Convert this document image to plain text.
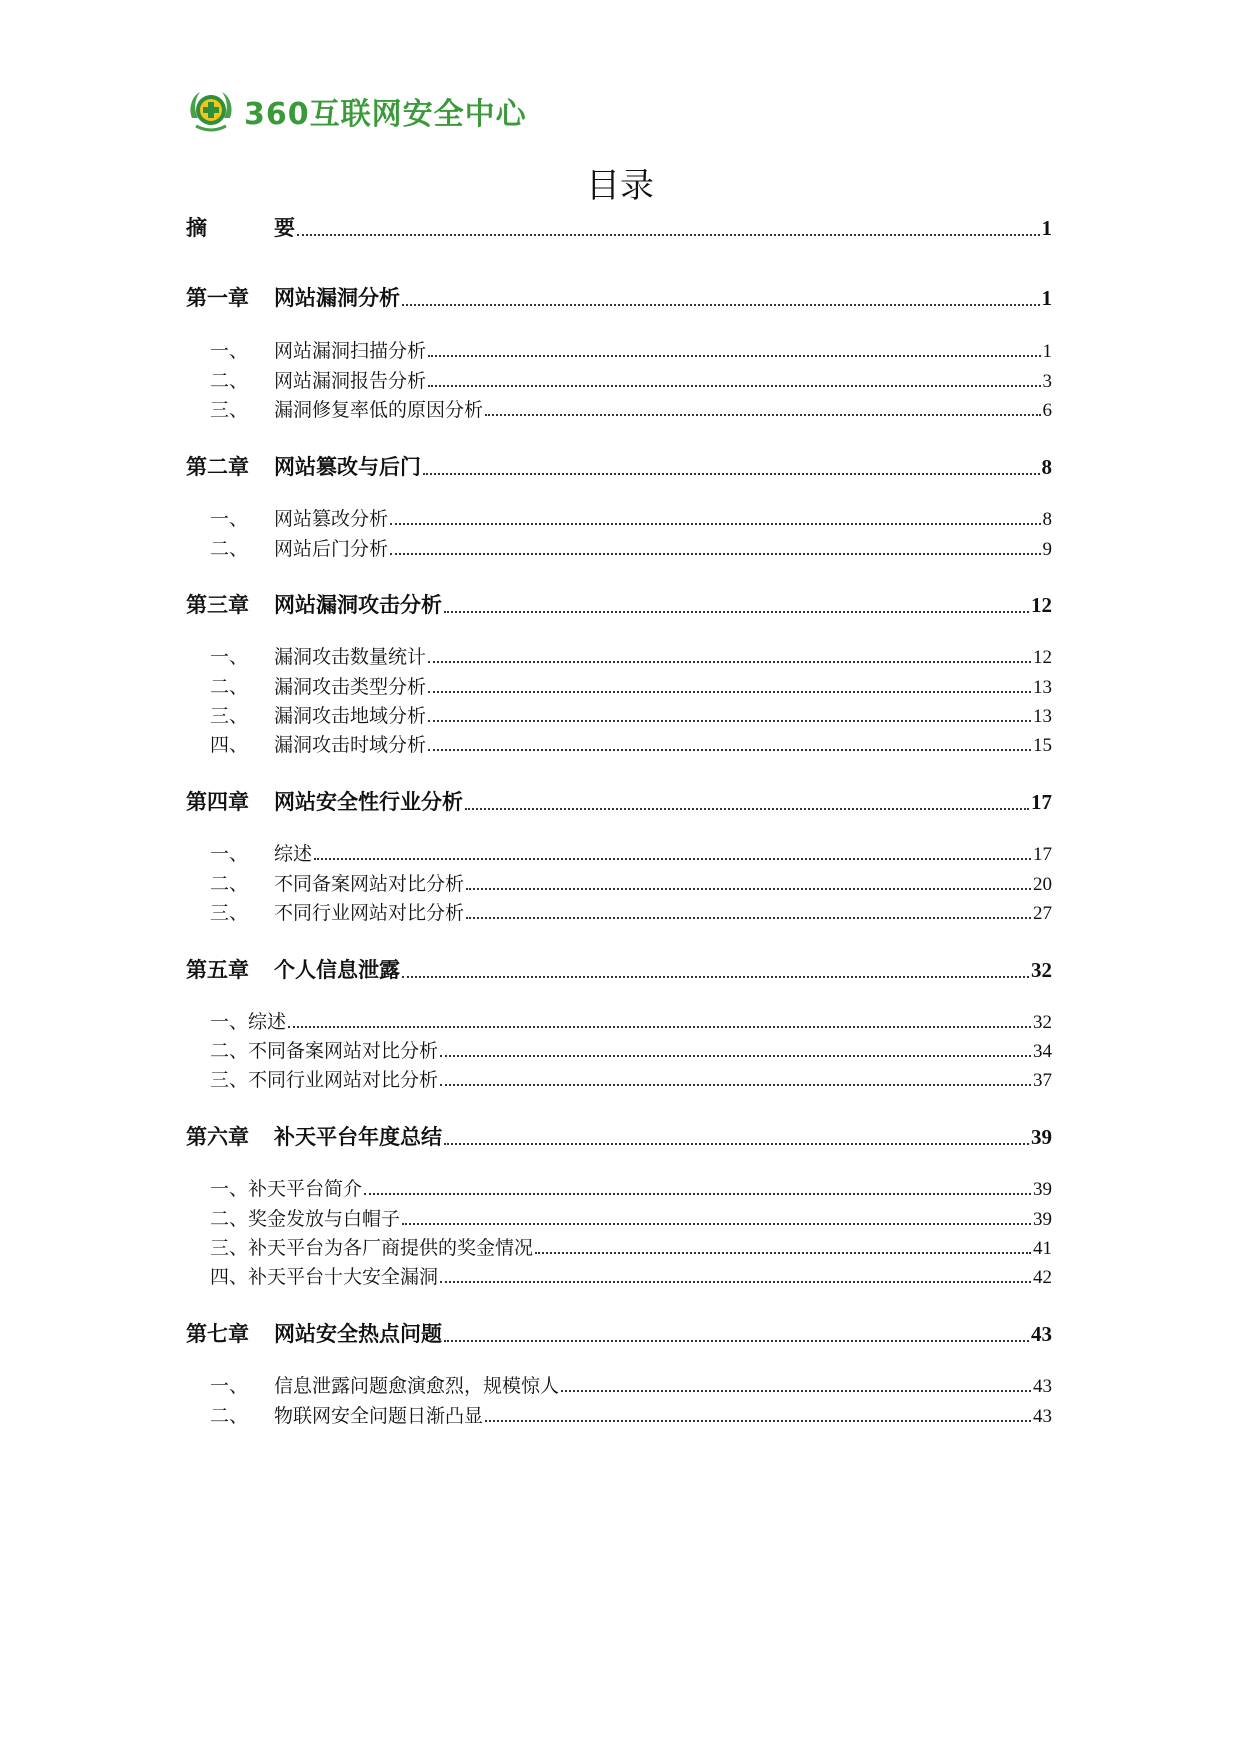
360互联网安全中心
目录
摘	要	1
第一章	网站漏洞分析	1
一、	网站漏洞扫描分析	1
二、	网站漏洞报告分析	3
三、	漏洞修复率低的原因分析	6
第二章	网站篡改与后门	8
一、	网站篡改分析	8
二、	网站后门分析	9
第三章	网站漏洞攻击分析	12
一、	漏洞攻击数量统计	12
二、	漏洞攻击类型分析	13
三、	漏洞攻击地域分析	13
四、	漏洞攻击时域分析	15
第四章	网站安全性行业分析	17
一、	综述	17
二、	不同备案网站对比分析	20
三、	不同行业网站对比分析	27
第五章	个人信息泄露	32
一、 综述	32
二、 不同备案网站对比分析	34
三、 不同行业网站对比分析	37
第六章	补天平台年度总结	39
一、 补天平台简介	39
二、 奖金发放与白帽子	39
三、 补天平台为各厂商提供的奖金情况	41
四、 补天平台十大安全漏洞	42
第七章	网站安全热点问题	43
一、	信息泄露问题愈演愈烈，规模惊人	43
二、	物联网安全问题日渐凸显	43
